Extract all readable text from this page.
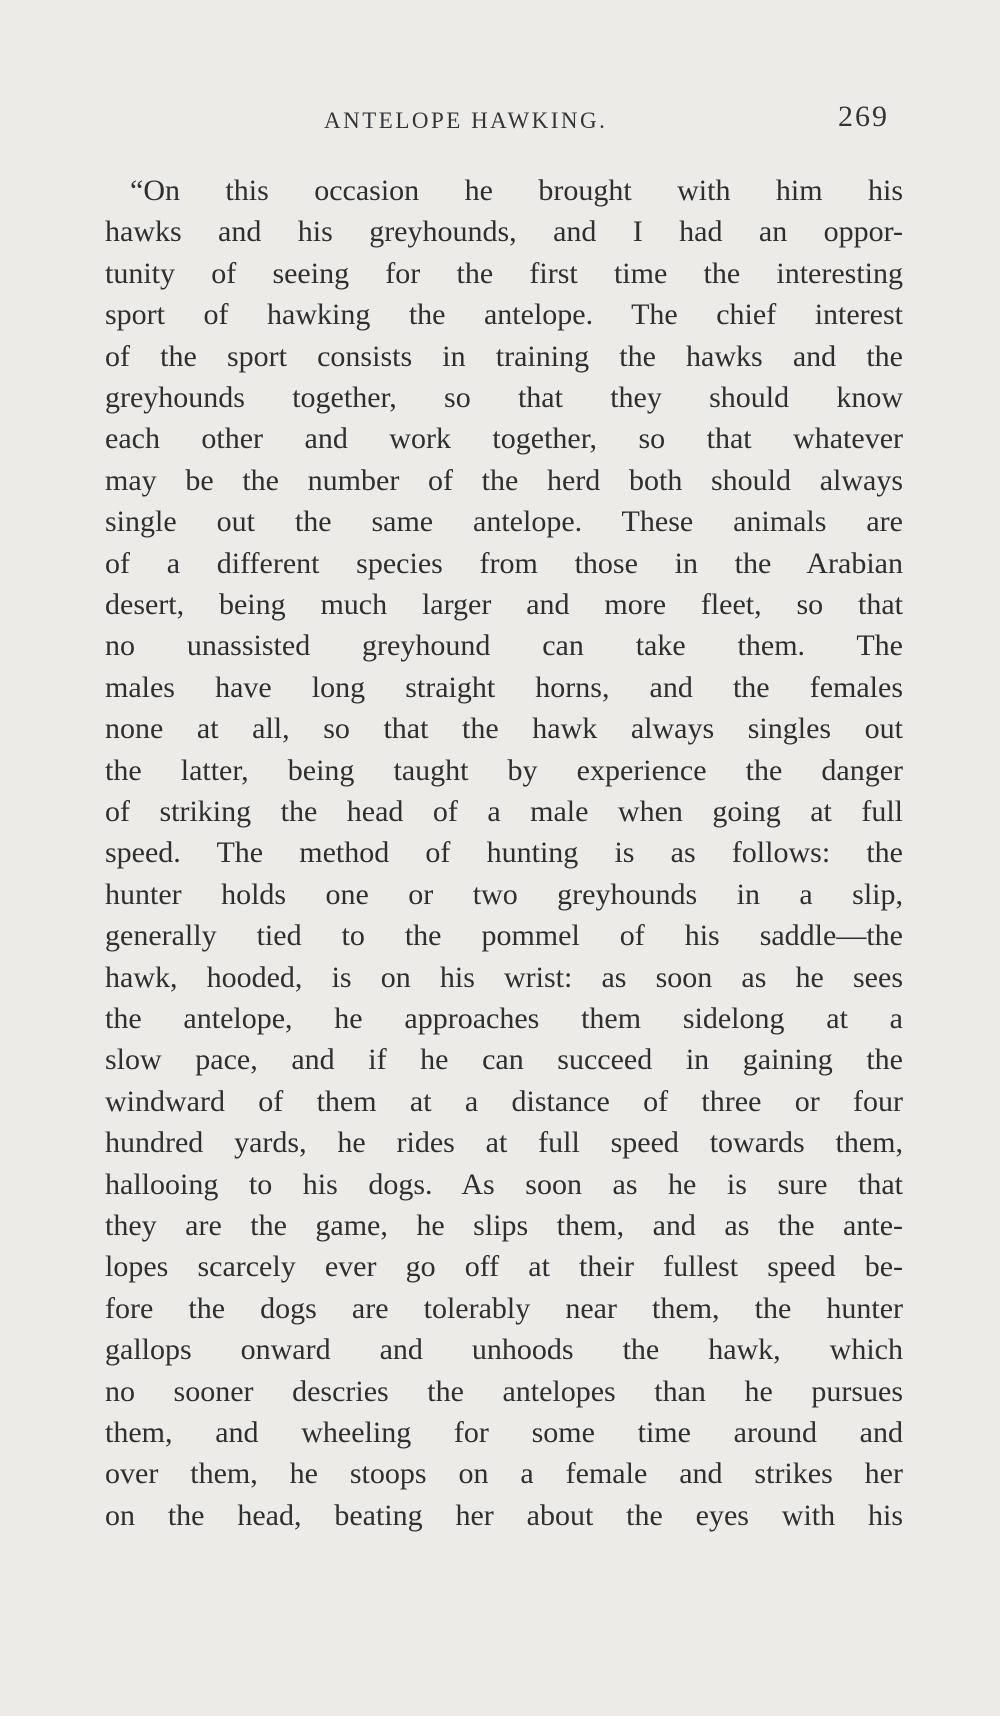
ANTELOPE HAWKING.	269
“On this occasion he brought with him his
hawks and his greyhounds, and I had an oppor-
tunity of seeing for the first time the interesting
sport of hawking the antelope. The chief interest
of the sport consists in training the hawks and the
greyhounds together, so that they should know
each other and work together, so that whatever
may be the number of the herd both should always
single out the same antelope. These animals are
of a different species from those in the Arabian
desert, being much larger and more fleet, so that
no unassisted greyhound can take them. The
males have long straight horns, and the females
none at all, so that the hawk always singles out
the latter, being taught by experience the danger
of striking the head of a male when going at full
speed. The method of hunting is as follows: the
hunter holds one or two greyhounds in a slip,
generally tied to the pommel of his saddle—the
hawk, hooded, is on his wrist: as soon as he sees
the antelope, he approaches them sidelong at a
slow pace, and if he can succeed in gaining the
windward of them at a distance of three or four
hundred yards, he rides at full speed towards them,
hallooing to his dogs. As soon as he is sure that
they are the game, he slips them, and as the ante-
lopes scarcely ever go off at their fullest speed be-
fore the dogs are tolerably near them, the hunter
gallops onward and unhoods the hawk, which
no sooner descries the antelopes than he pursues
them, and wheeling for some time around and
over them, he stoops on a female and strikes her
on the head, beating her about the eyes with his
